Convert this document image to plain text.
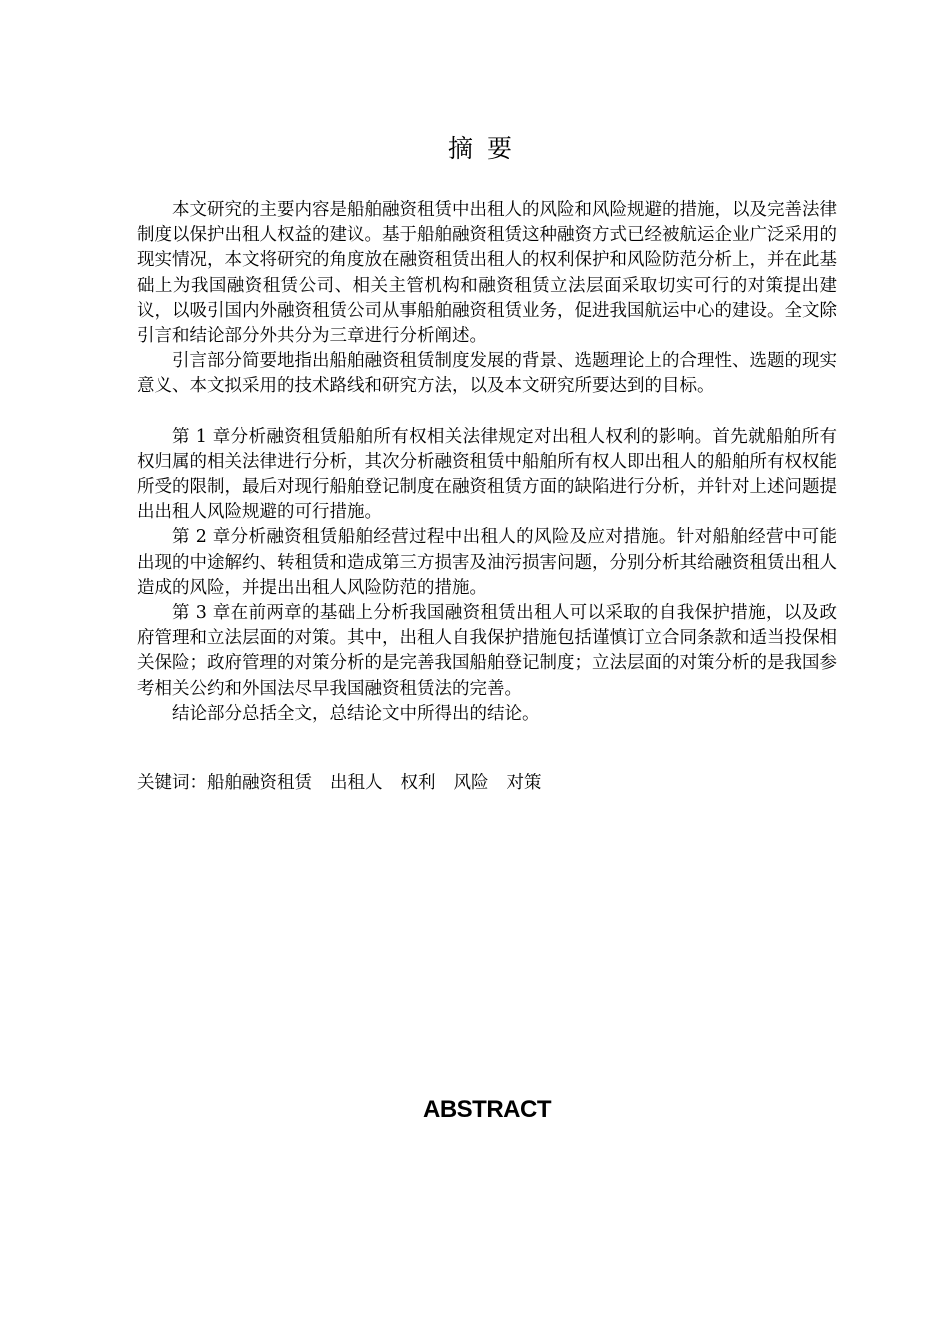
摘要

本文研究的主要内容是船舶融资租赁中出租人的风险和风险规避的措施，以及完善法律制度以保护出租人权益的建议。基于船舶融资租赁这种融资方式已经被航运企业广泛采用的现实情况，本文将研究的角度放在融资租赁出租人的权利保护和风险防范分析上，并在此基础上为我国融资租赁公司、相关主管机构和融资租赁立法层面采取切实可行的对策提出建议，以吸引国内外融资租赁公司从事船舶融资租赁业务，促进我国航运中心的建设。全文除引言和结论部分外共分为三章进行分析阐述。

引言部分简要地指出船舶融资租赁制度发展的背景、选题理论上的合理性、选题的现实意义、本文拟采用的技术路线和研究方法，以及本文研究所要达到的目标。

第 1 章分析融资租赁船舶所有权相关法律规定对出租人权利的影响。首先就船舶所有权归属的相关法律进行分析，其次分析融资租赁中船舶所有权人即出租人的船舶所有权权能所受的限制，最后对现行船舶登记制度在融资租赁方面的缺陷进行分析，并针对上述问题提出出租人风险规避的可行措施。

第 2 章分析融资租赁船舶经营过程中出租人的风险及应对措施。针对船舶经营中可能出现的中途解约、转租赁和造成第三方损害及油污损害问题，分别分析其给融资租赁出租人造成的风险，并提出出租人风险防范的措施。

第 3 章在前两章的基础上分析我国融资租赁出租人可以采取的自我保护措施，以及政府管理和立法层面的对策。其中，出租人自我保护措施包括谨慎订立合同条款和适当投保相关保险；政府管理的对策分析的是完善我国船舶登记制度；立法层面的对策分析的是我国参考相关公约和外国法尽早我国融资租赁法的完善。

结论部分总括全文，总结论文中所得出的结论。

关键词：船舶融资租赁 出租人 权利 风险 对策
ABSTRACT
